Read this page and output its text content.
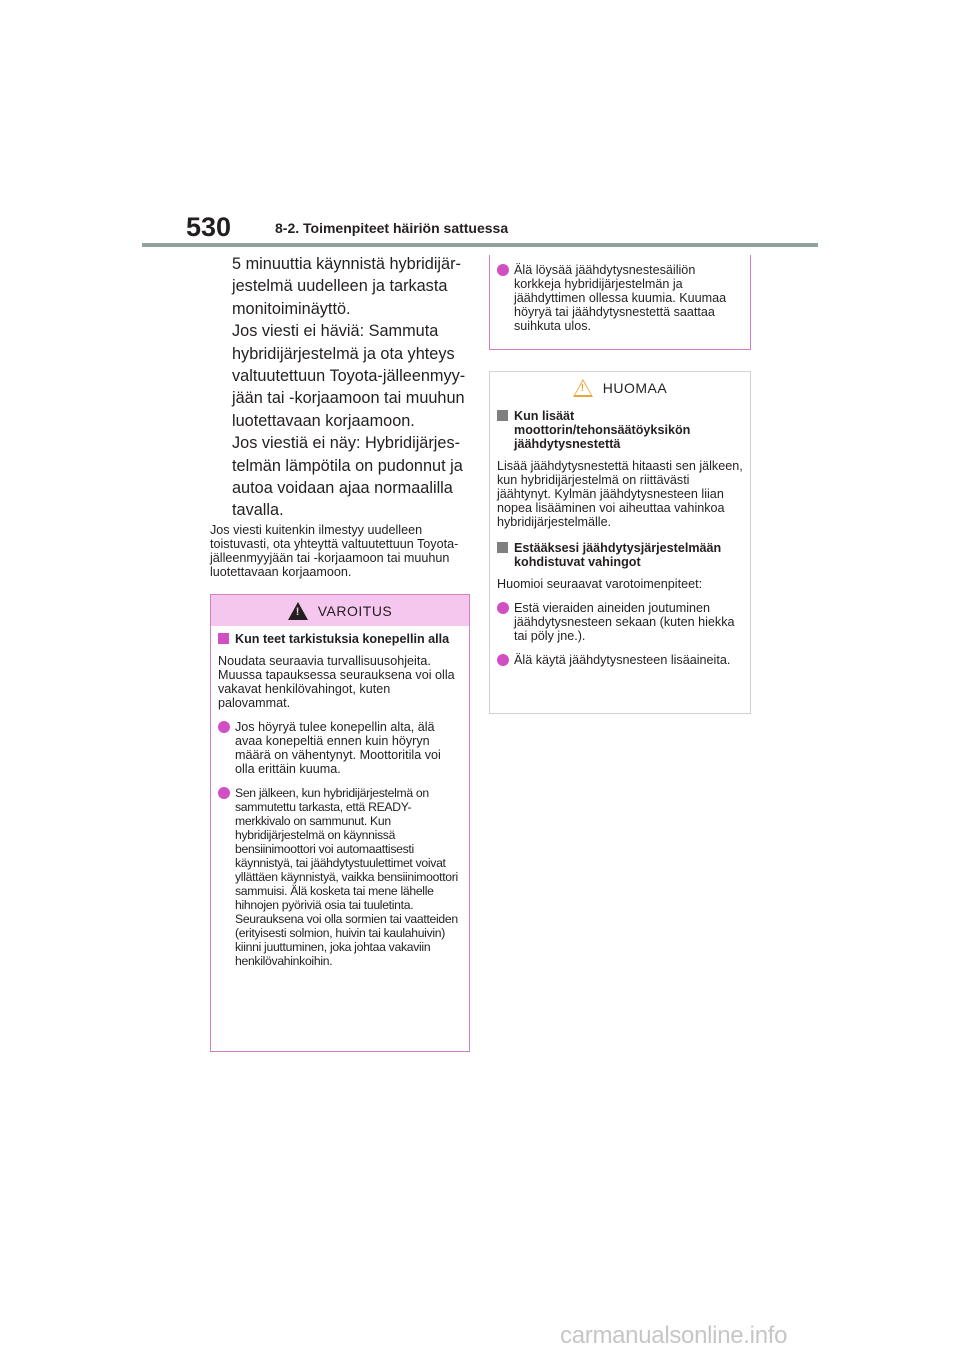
530	8-2. Toimenpiteet häiriön sattuessa

5 minuuttia käynnistä hybridijär-

jestelmä uudelleen ja tarkasta

monitoiminäyttö.

Jos viesti ei häviä: Sammuta

hybridijärjestelmä ja ota yhteys

valtuutettuun Toyota-jälleenmyy-

jään tai -korjaamoon tai muuhun

luotettavaan korjaamoon.

Jos viestiä ei näy: Hybridijärjes-

telmän lämpötila on pudonnut ja

autoa voidaan ajaa normaalilla

tavalla.

Jos viesti kuitenkin ilmestyy uudelleen toistuvasti, ota yhteyttä valtuutettuun Toyota-jälleenmyyjään tai -korjaamoon tai muuhun luotettavaan korjaamoon.

!
VAROITUS
Kun teet tarkistuksia konepellin alla

Noudata seuraavia turvallisuusohjeita. Muussa tapauksessa seurauksena voi olla vakavat henkilövahingot, kuten palovammat.

Jos höyryä tulee konepellin alta, älä avaa konepeltiä ennen kuin höyryn määrä on vähentynyt. Moottoritila voi olla erittäin kuuma.
Sen jälkeen, kun hybridijärjestelmä on sammutettu tarkasta, että READY-merkkivalo on sammunut. Kun hybridijärjestelmä on käynnissä bensiinimoottori voi automaattisesti käynnistyä, tai jäähdytystuulettimet voivat yllättäen käynnistyä, vaikka bensiinimoottori sammuisi. Älä kosketa tai mene lähelle hihnojen pyöriviä osia tai tuuletinta. Seurauksena voi olla sormien tai vaatteiden (erityisesti solmion, huivin tai kaulahuivin) kiinni juuttuminen, joka johtaa vakaviin henkilövahinkoihin.
Älä löysää jäähdytysnestesäiliön korkkeja hybridijärjestelmän ja jäähdyttimen ollessa kuumia. Kuumaa höyryä tai jäähdytysnestettä saattaa suihkuta ulos.
!
HUOMAA
Kun lisäät moottorin/tehonsäätöyksikön jäähdytysnestettä

Lisää jäähdytysnestettä hitaasti sen jälkeen, kun hybridijärjestelmä on riittävästi jäähtynyt. Kylmän jäähdytysnesteen liian nopea lisääminen voi aiheuttaa vahinkoa hybridijärjestelmälle.

Estääksesi jäähdytysjärjestelmään kohdistuvat vahingot

Huomioi seuraavat varotoimenpiteet:

Estä vieraiden aineiden joutuminen jäähdytysnesteen sekaan (kuten hiekka tai pöly jne.).
Älä käytä jäähdytysnesteen lisäaineita.
carmanualsonline.info
